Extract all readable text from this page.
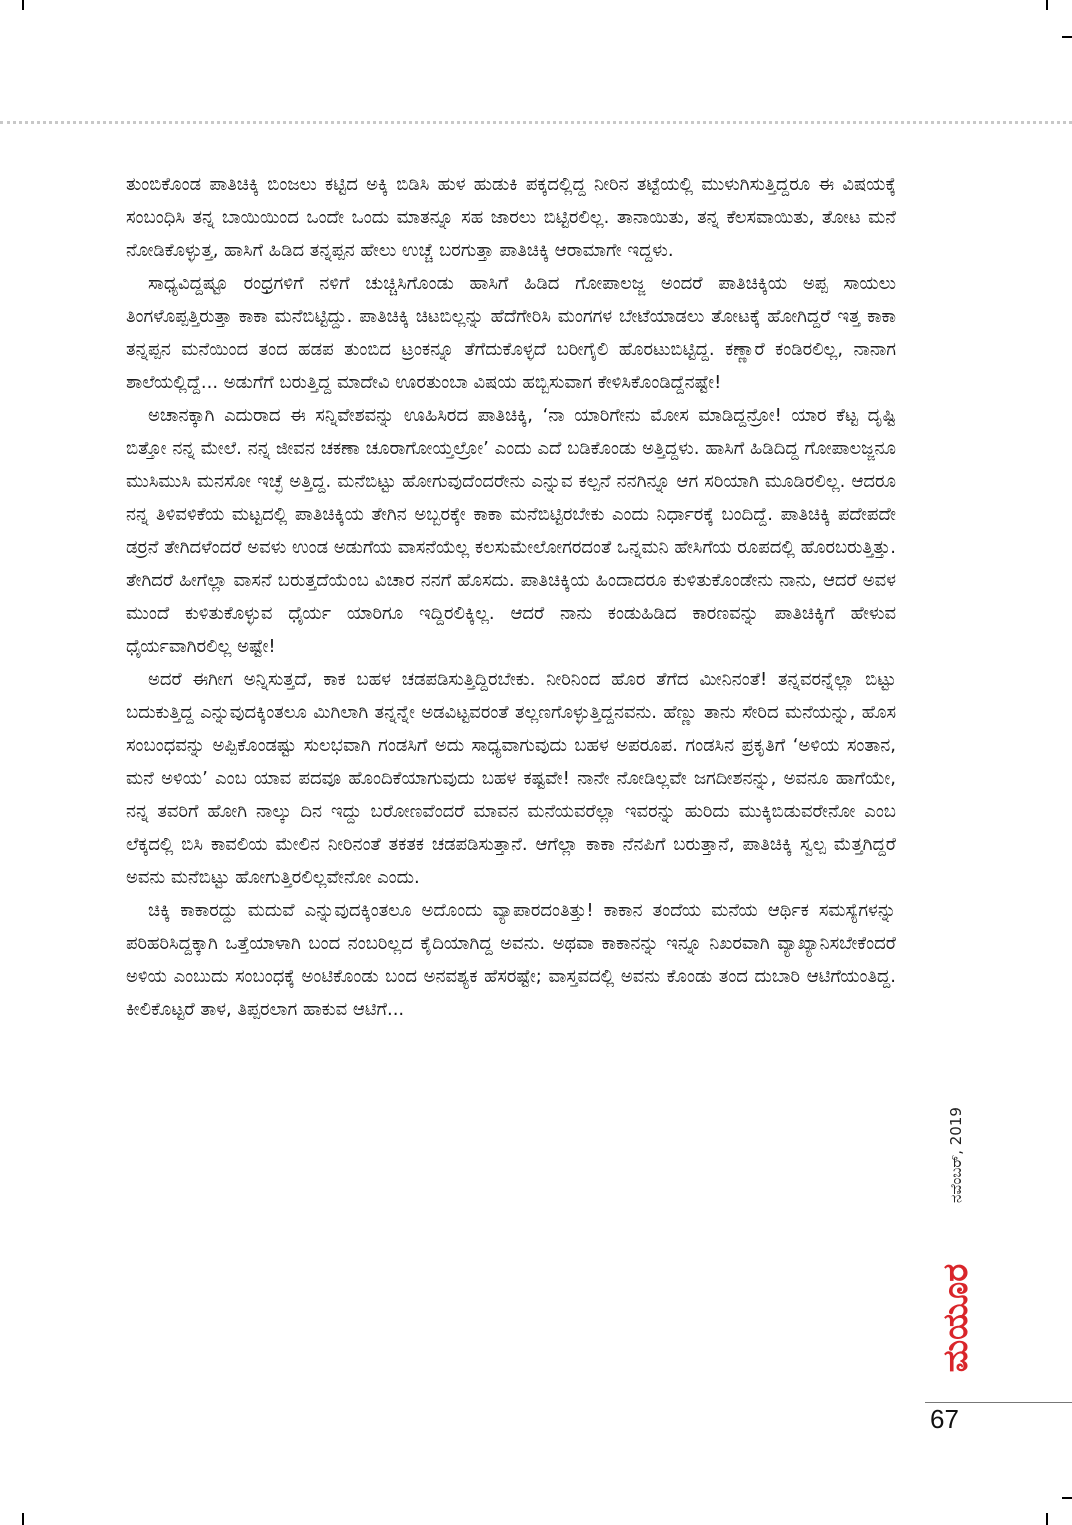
ತುಂಬಿಕೊಂಡ ಪಾತಿಚಿಕ್ಕಿ ಬಿಂಜಲು ಕಟ್ಟಿದ ಅಕ್ಕಿ ಬಿಡಿಸಿ ಹುಳ ಹುಡುಕಿ ಪಕ್ಕದಲ್ಲಿದ್ದ ನೀರಿನ ತಟ್ಟೆಯಲ್ಲಿ ಮುಳುಗಿಸುತ್ತಿದ್ದರೂ ಈ ವಿಷಯಕ್ಕೆ ಸಂಬಂಧಿಸಿ ತನ್ನ ಬಾಯಿಯಿಂದ ಒಂದೇ ಒಂದು ಮಾತನ್ನೂ ಸಹ ಜಾರಲು ಬಿಟ್ಟಿರಲಿಲ್ಲ. ತಾನಾಯಿತು, ತನ್ನ ಕೆಲಸವಾಯಿತು, ತೋಟ ಮನೆ ನೋಡಿಕೊಳ್ಳುತ್ತ, ಹಾಸಿಗೆ ಹಿಡಿದ ತನ್ನಪ್ಪನ ಹೇಲು ಉಚ್ಚೆ ಬರಗುತ್ತಾ ಪಾತಿಚಿಕ್ಕಿ ಆರಾಮಾಗೇ ಇದ್ದಳು.

ಸಾಧ್ಯವಿದ್ದಷ್ಟೂ ರಂಧ್ರಗಳಿಗೆ ನಳಿಗೆ ಚುಚ್ಚಿಸಿಗೊಂಡು ಹಾಸಿಗೆ ಹಿಡಿದ ಗೋಪಾಲಜ್ಜ ಅಂದರೆ ಪಾತಿಚಿಕ್ಕಿಯ ಅಪ್ಪ ಸಾಯಲು ತಿಂಗಳೊಪ್ಪತ್ತಿರುತ್ತಾ ಕಾಕಾ ಮನೆಬಿಟ್ಟಿದ್ದು. ಪಾತಿಚಿಕ್ಕಿ ಚಿಟಬಿಲ್ಲನ್ನು ಹೆದೆಗೇರಿಸಿ ಮಂಗಗಳ ಬೇಟೆಯಾಡಲು ತೋಟಕ್ಕೆ ಹೋಗಿದ್ದರೆ ಇತ್ತ ಕಾಕಾ ತನ್ನಪ್ಪನ ಮನೆಯಿಂದ ತಂದ ಹಡಪ ತುಂಬಿದ ಟ್ರಂಕನ್ನೂ ತೆಗೆದುಕೊಳ್ಳದೆ ಬರೀಗೈಲಿ ಹೊರಟುಬಿಟ್ಟಿದ್ದ. ಕಣ್ಣಾರೆ ಕಂಡಿರಲಿಲ್ಲ, ನಾನಾಗ ಶಾಲೆಯಲ್ಲಿದ್ದೆ... ಅಡುಗೆಗೆ ಬರುತ್ತಿದ್ದ ಮಾದೇವಿ ಊರತುಂಬಾ ವಿಷಯ ಹಬ್ಬಿಸುವಾಗ ಕೇಳಿಸಿಕೊಂಡಿದ್ದೆನಷ್ಟೇ!

ಅಚಾನಕ್ಕಾಗಿ ಎದುರಾದ ಈ ಸನ್ನಿವೇಶವನ್ನು ಊಹಿಸಿರದ ಪಾತಿಚಿಕ್ಕಿ, ‘ನಾ ಯಾರಿಗೇನು ಮೋಸ ಮಾಡಿದ್ದನ್ರೋ! ಯಾರ ಕೆಟ್ಟ ದೃಷ್ಟಿ ಬಿತ್ತೋ ನನ್ನ ಮೇಲೆ. ನನ್ನ ಜೀವನ ಚಕಣಾ ಚೂರಾಗೋಯ್ತಲ್ರೋ’ ಎಂದು ಎದೆ ಬಡಿಕೊಂಡು ಅತ್ತಿದ್ದಳು. ಹಾಸಿಗೆ ಹಿಡಿದಿದ್ದ ಗೋಪಾಲಜ್ಜನೂ ಮುಸಿಮುಸಿ ಮನಸೋ ಇಚ್ಛೆ ಅತ್ತಿದ್ದ. ಮನೆಬಿಟ್ಟು ಹೋಗುವುದೆಂದರೇನು ಎನ್ನುವ ಕಲ್ಪನೆ ನನಗಿನ್ನೂ ಆಗ ಸರಿಯಾಗಿ ಮೂಡಿರಲಿಲ್ಲ. ಆದರೂ ನನ್ನ ತಿಳಿವಳಿಕೆಯ ಮಟ್ಟದಲ್ಲಿ ಪಾತಿಚಿಕ್ಕಿಯ ತೇಗಿನ ಅಬ್ಬರಕ್ಕೇ ಕಾಕಾ ಮನೆಬಿಟ್ಟಿರಬೇಕು ಎಂದು ನಿರ್ಧಾರಕ್ಕೆ ಬಂದಿದ್ದೆ. ಪಾತಿಚಿಕ್ಕಿ ಪದೇಪದೇ ಡರ್ರನೆ ತೇಗಿದಳೆಂದರೆ ಅವಳು ಉಂಡ ಅಡುಗೆಯ ವಾಸನೆಯೆಲ್ಲ ಕಲಸುಮೇಲೋಗರದಂತೆ ಒನ್ನಮನಿ ಹೇಸಿಗೆಯ ರೂಪದಲ್ಲಿ ಹೊರಬರುತ್ತಿತ್ತು. ತೇಗಿದರೆ ಹೀಗೆಲ್ಲಾ ವಾಸನೆ ಬರುತ್ತದೆಯೆಂಬ ವಿಚಾರ ನನಗೆ ಹೊಸದು. ಪಾತಿಚಿಕ್ಕಿಯ ಹಿಂದಾದರೂ ಕುಳಿತುಕೊಂಡೇನು ನಾನು, ಆದರೆ ಅವಳ ಮುಂದೆ ಕುಳಿತುಕೊಳ್ಳುವ ಧೈರ್ಯ ಯಾರಿಗೂ ಇದ್ದಿರಲಿಕ್ಕಿಲ್ಲ. ಆದರೆ ನಾನು ಕಂಡುಹಿಡಿದ ಕಾರಣವನ್ನು ಪಾತಿಚಿಕ್ಕಿಗೆ ಹೇಳುವ ಧೈರ್ಯವಾಗಿರಲಿಲ್ಲ ಅಷ್ಟೇ!

ಅದರೆ ಈಗೀಗ ಅನ್ನಿಸುತ್ತದೆ, ಕಾಕ ಬಹಳ ಚಡಪಡಿಸುತ್ತಿದ್ದಿರಬೇಕು. ನೀರಿನಿಂದ ಹೊರ ತೆಗೆದ ಮೀನಿನಂತೆ! ತನ್ನವರನ್ನೆಲ್ಲಾ ಬಿಟ್ಟು ಬದುಕುತ್ತಿದ್ದ ಎನ್ನುವುದಕ್ಕಿಂತಲೂ ಮಿಗಿಲಾಗಿ ತನ್ನನ್ನೇ ಅಡವಿಟ್ಟವರಂತೆ ತಲ್ಲಣಗೊಳ್ಳುತ್ತಿದ್ದನವನು. ಹೆಣ್ಣು ತಾನು ಸೇರಿದ ಮನೆಯನ್ನು, ಹೊಸ ಸಂಬಂಧವನ್ನು ಅಪ್ಪಿಕೊಂಡಷ್ಟು ಸುಲಭವಾಗಿ ಗಂಡಸಿಗೆ ಅದು ಸಾಧ್ಯವಾಗುವುದು ಬಹಳ ಅಪರೂಪ. ಗಂಡಸಿನ ಪ್ರಕೃತಿಗೆ ‘ಅಳಿಯ ಸಂತಾನ, ಮನೆ ಅಳಿಯ’ ಎಂಬ ಯಾವ ಪದವೂ ಹೊಂದಿಕೆಯಾಗುವುದು ಬಹಳ ಕಷ್ಟವೇ! ನಾನೇ ನೋಡಿಲ್ಲವೇ ಜಗದೀಶನನ್ನು, ಅವನೂ ಹಾಗೆಯೇ, ನನ್ನ ತವರಿಗೆ ಹೋಗಿ ನಾಲ್ಕು ದಿನ ಇದ್ದು ಬರೋಣವೆಂದರೆ ಮಾವನ ಮನೆಯವರೆಲ್ಲಾ ಇವರನ್ನು ಹುರಿದು ಮುಕ್ಕಿಬಿಡುವರೇನೋ ಎಂಬ ಲೆಕ್ಕದಲ್ಲಿ ಬಿಸಿ ಕಾವಲಿಯ ಮೇಲಿನ ನೀರಿನಂತೆ ತಕತಕ ಚಡಪಡಿಸುತ್ತಾನೆ. ಆಗೆಲ್ಲಾ ಕಾಕಾ ನೆನಪಿಗೆ ಬರುತ್ತಾನೆ, ಪಾತಿಚಿಕ್ಕಿ ಸ್ವಲ್ಪ ಮೆತ್ತಗಿದ್ದರೆ ಅವನು ಮನೆಬಿಟ್ಟು ಹೋಗುತ್ತಿರಲಿಲ್ಲವೇನೋ ಎಂದು.

ಚಿಕ್ಕಿ ಕಾಕಾರದ್ದು ಮದುವೆ ಎನ್ನುವುದಕ್ಕಿಂತಲೂ ಅದೊಂದು ವ್ಯಾಪಾರದಂತಿತ್ತು! ಕಾಕಾನ ತಂದೆಯ ಮನೆಯ ಆರ್ಥಿಕ ಸಮಸ್ಯೆಗಳನ್ನು ಪರಿಹರಿಸಿದ್ದಕ್ಕಾಗಿ ಒತ್ತೆಯಾಳಾಗಿ ಬಂದ ನಂಬರಿಲ್ಲದ ಕೈದಿಯಾಗಿದ್ದ ಅವನು. ಅಥವಾ ಕಾಕಾನನ್ನು ಇನ್ನೂ ನಿಖರವಾಗಿ ವ್ಯಾಖ್ಯಾನಿಸಬೇಕೆಂದರೆ ಅಳಿಯ ಎಂಬುದು ಸಂಬಂಧಕ್ಕೆ ಅಂಟಿಕೊಂಡು ಬಂದ ಅನವಶ್ಯಕ ಹೆಸರಷ್ಟೇ; ವಾಸ್ತವದಲ್ಲಿ ಅವನು ಕೊಂಡು ತಂದ ದುಬಾರಿ ಆಟಿಗೆಯಂತಿದ್ದ. ಕೀಲಿಕೊಟ್ಟರೆ ತಾಳ, ತಿಪ್ಪರಲಾಗ ಹಾಕುವ ಆಟಿಗೆ...

ನವೆಂಬರ್, 2019
ಮಯೂರ
67
